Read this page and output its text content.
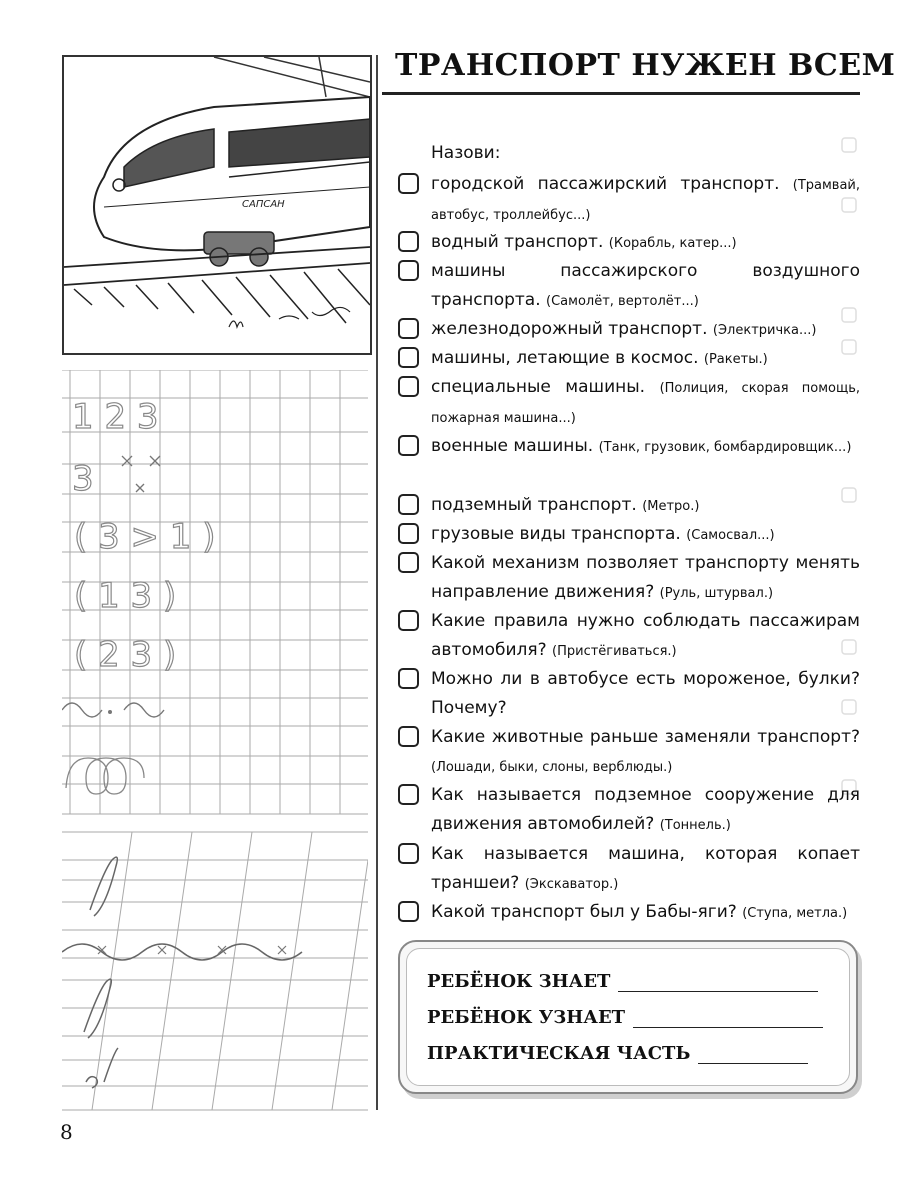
САПСАН
1 2 3
3
( 3 > 1 )
( 1 3 )
( 2 3 )
ТРАНСПОРТ НУЖЕН ВСЕМ
Назови:
городской пассажирский транспорт. (Трамвай, автобус, троллейбус...)
водный транспорт. (Корабль, катер...)
машины пассажирского воздушного транспорта. (Самолёт, вертолёт...)
железнодорожный транспорт. (Электричка...)
машины, летающие в космос. (Ракеты.)
специальные машины. (Полиция, скорая помощь, пожарная машина...)
военные машины. (Танк, грузовик, бомбардировщик...)
подземный транспорт. (Метро.)
грузовые виды транспорта. (Самосвал...)
Какой механизм позволяет транспорту менять направление движения? (Руль, штурвал.)
Какие правила нужно соблюдать пассажирам автомобиля? (Пристёгиваться.)
Можно ли в автобусе есть мороженое, булки? Почему?
Какие животные раньше заменяли транспорт? (Лошади, быки, слоны, верблюды.)
Как называется подземное сооружение для движения автомобилей? (Тоннель.)
Как называется машина, которая копает траншеи? (Экскаватор.)
Какой транспорт был у Бабы-яги? (Ступа, метла.)
РЕБЁНОК ЗНАЕТ
РЕБЁНОК УЗНАЕТ
ПРАКТИЧЕСКАЯ ЧАСТЬ
8
